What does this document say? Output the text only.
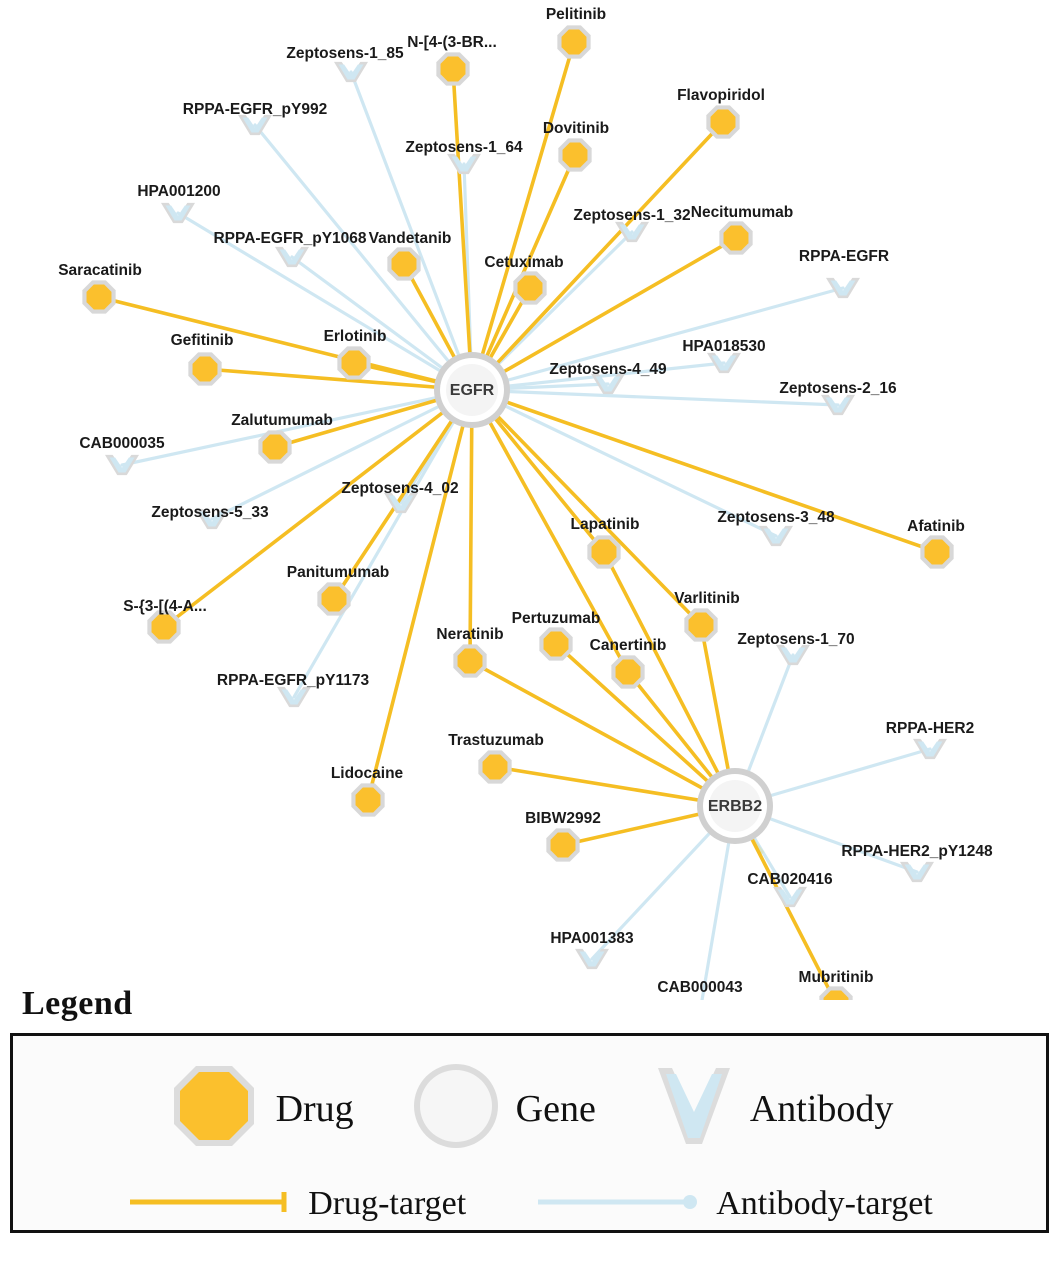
EGFR
ERBB2
Zeptosens-1_85
Zeptosens-1_64
RPPA-EGFR_pY992
HPA001200
RPPA-EGFR_pY1068
Zeptosens-1_32
RPPA-EGFR
HPA018530
Zeptosens-4_49
Zeptosens-2_16
CAB000035
Zeptosens-5_33
Zeptosens-4_02
Zeptosens-3_48
RPPA-EGFR_pY1173
Zeptosens-1_70
RPPA-HER2
RPPA-HER2_pY1248
CAB020416
HPA001383
CAB000043
Pelitinib
N-[4-(3-BR...
Dovitinib
Flavopiridol
Necitumumab
Vandetanib
Cetuximab
Saracatinib
Gefitinib	Erlotinib
Zalutumumab
Afatinib
Lapatinib
Panitumumab
S-{3-[(4-A...	Varlitinib
Pertuzumab
Neratinib
Canertinib
Trastuzumab
Lidocaine
BIBW2992
Mubritinib
Legend
Drug	Gene	Antibody
Drug-target	Antibody-target
